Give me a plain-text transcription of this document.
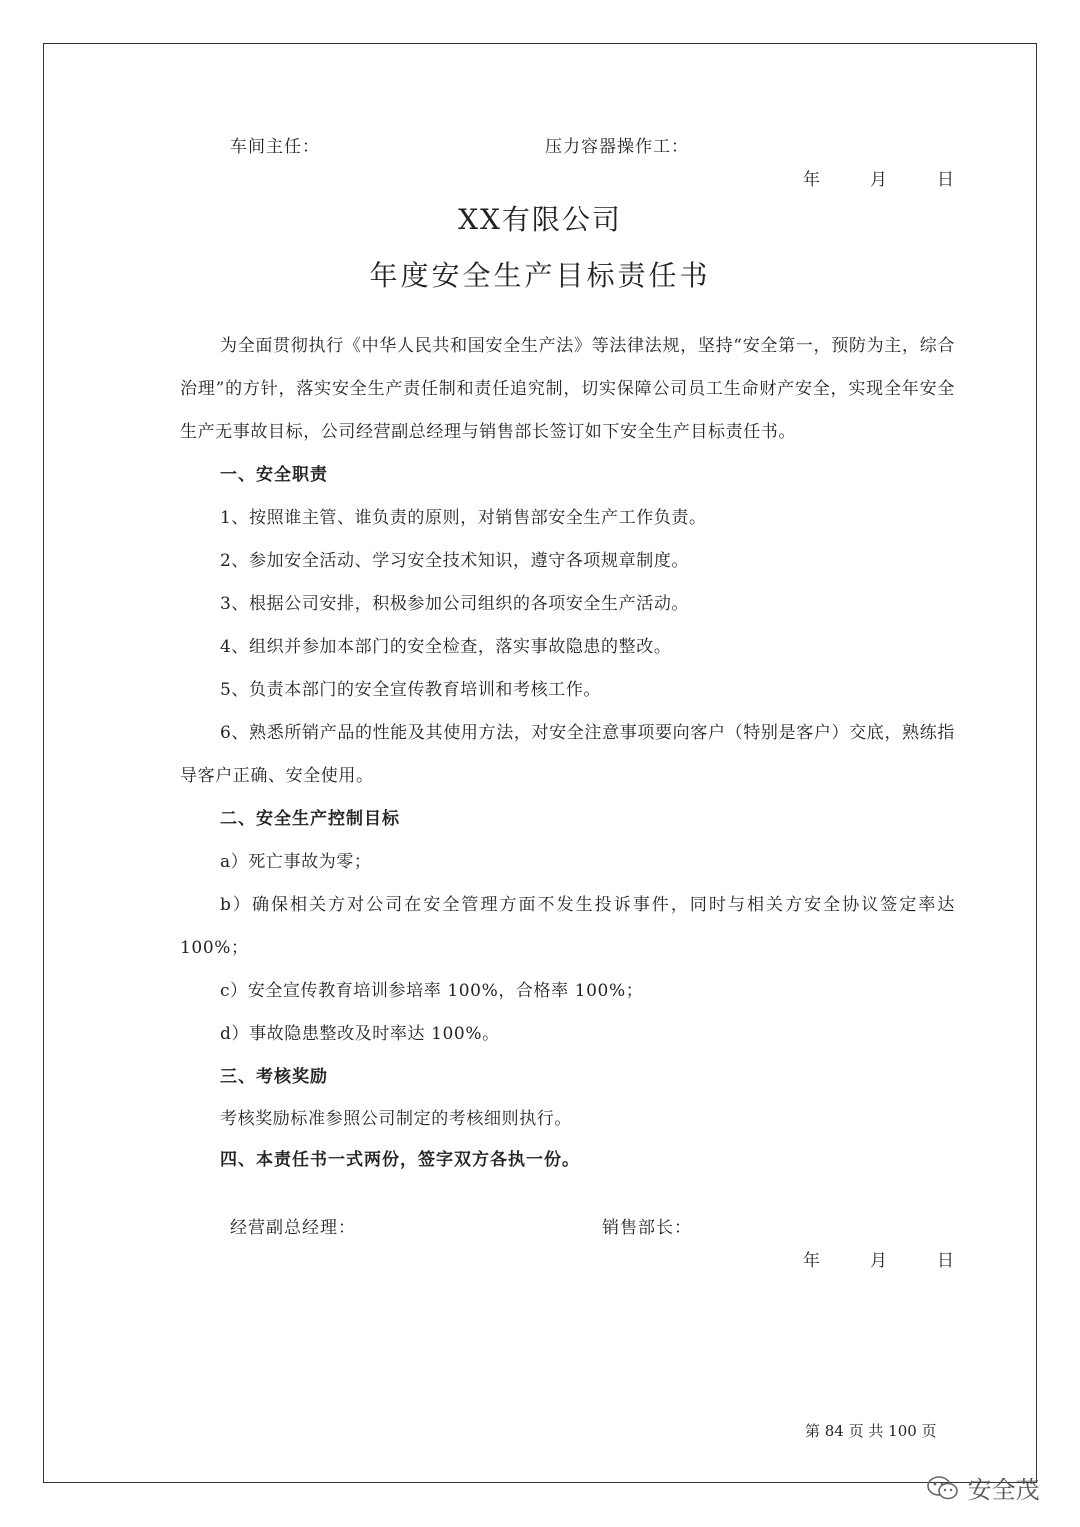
车间主任：	压力容器操作工：
年	月	日
XX有限公司
年度安全生产目标责任书
为全面贯彻执行《中华人民共和国安全生产法》等法律法规，坚持“安全第一，预防为主，综合治理”的方针，落实安全生产责任制和责任追究制，切实保障公司员工生命财产安全，实现全年安全生产无事故目标，公司经营副总经理与销售部长签订如下安全生产目标责任书。
一、安全职责
1、按照谁主管、谁负责的原则，对销售部安全生产工作负责。
2、参加安全活动、学习安全技术知识，遵守各项规章制度。
3、根据公司安排，积极参加公司组织的各项安全生产活动。
4、组织并参加本部门的安全检查，落实事故隐患的整改。
5、负责本部门的安全宣传教育培训和考核工作。
6、熟悉所销产品的性能及其使用方法，对安全注意事项要向客户（特别是客户）交底，熟练指导客户正确、安全使用。
二、安全生产控制目标
a）死亡事故为零；
b）确保相关方对公司在安全管理方面不发生投诉事件，同时与相关方安全协议签定率达100%；
c）安全宣传教育培训参培率 100%，合格率 100%；
d）事故隐患整改及时率达 100%。
三、考核奖励
考核奖励标准参照公司制定的考核细则执行。
四、本责任书一式两份，签字双方各执一份。
经营副总经理：	销售部长：
年	月	日
第 84 页 共 100 页
安全茂
